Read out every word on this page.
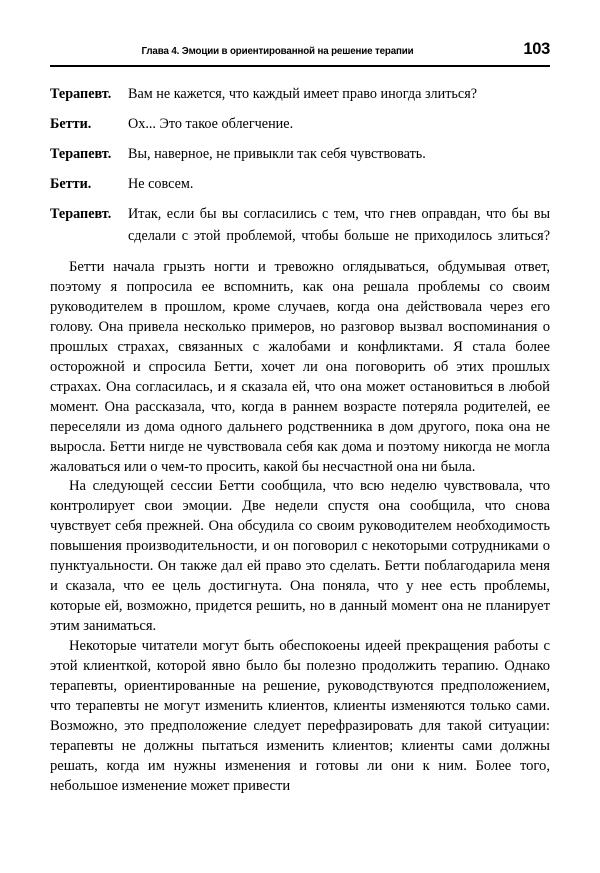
Глава 4. Эмоции в ориентированной на решение терапии	103
Терапевт. Вам не кажется, что каждый имеет право иногда злиться?
Бетти.	Ох... Это такое облегчение.
Терапевт. Вы, наверное, не привыкли так себя чувствовать.
Бетти.	Не совсем.
Терапевт. Итак, если бы вы согласились с тем, что гнев оправдан, что бы вы сделали с этой проблемой, чтобы больше не приходилось злиться?

Бетти начала грызть ногти и тревожно оглядываться, обдумывая ответ, поэтому я попросила ее вспомнить, как она решала проблемы со своим руководителем в прошлом, кроме случаев, когда она действовала через его голову. Она привела несколько примеров, но разговор вызвал воспоминания о прошлых страхах, связанных с жалобами и конфликтами. Я стала более осторожной и спросила Бетти, хочет ли она поговорить об этих прошлых страхах. Она согласилась, и я сказала ей, что она может остановиться в любой момент. Она рассказала, что, когда в раннем возрасте потеряла родителей, ее переселяли из дома одного дальнего родственника в дом другого, пока она не выросла. Бетти нигде не чувствовала себя как дома и поэтому никогда не могла жаловаться или о чем-то просить, какой бы несчастной она ни была.

На следующей сессии Бетти сообщила, что всю неделю чувствовала, что контролирует свои эмоции. Две недели спустя она сообщила, что снова чувствует себя прежней. Она обсудила со своим руководителем необходимость повышения производительности, и он поговорил с некоторыми сотрудниками о пунктуальности. Он также дал ей право это сделать. Бетти поблагодарила меня и сказала, что ее цель достигнута. Она поняла, что у нее есть проблемы, которые ей, возможно, придется решить, но в данный момент она не планирует этим заниматься.

Некоторые читатели могут быть обеспокоены идеей прекращения работы с этой клиенткой, которой явно было бы полезно продолжить терапию. Однако терапевты, ориентированные на решение, руководствуются предположением, что терапевты не могут изменить клиентов, клиенты изменяются только сами. Возможно, это предположение следует перефразировать для такой ситуации: терапевты не должны пытаться изменить клиентов; клиенты сами должны решать, когда им нужны изменения и готовы ли они к ним. Более того, небольшое изменение может привести
